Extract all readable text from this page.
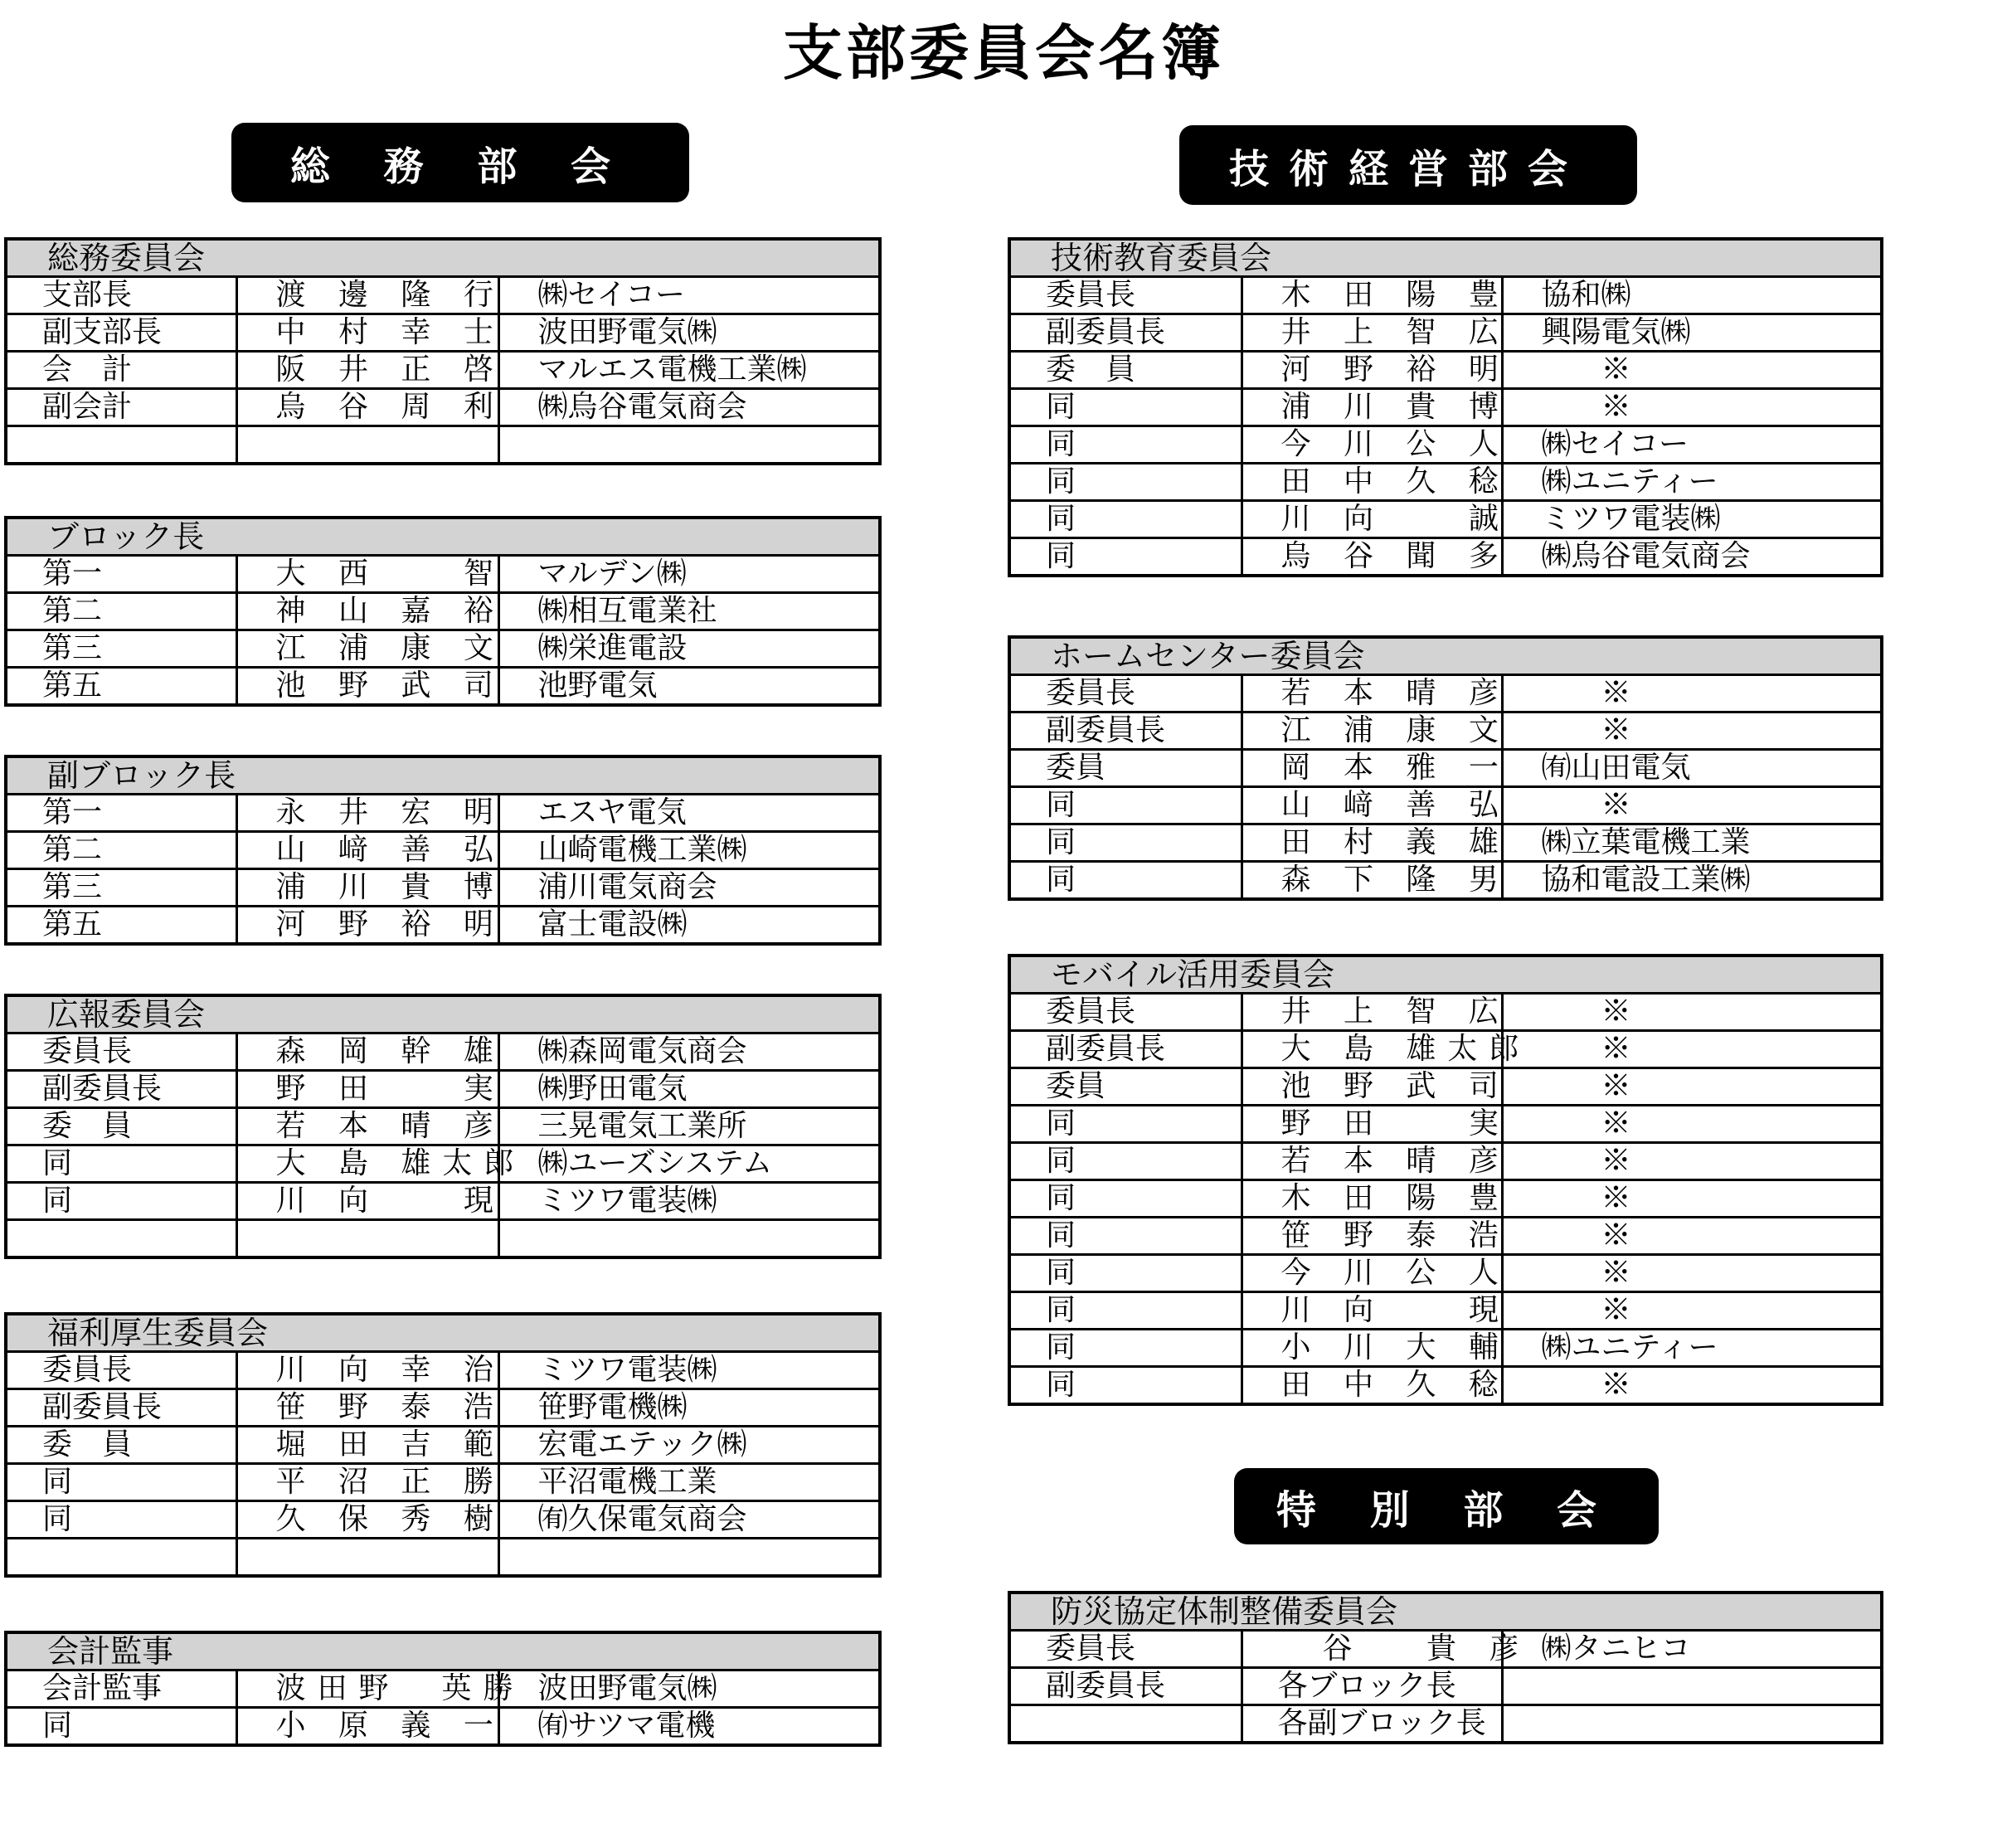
支部委員会名簿
総 務 部 会	技術経営部会
特 別 部 会
総務委員会		
支部長	渡 邊 隆 行	㈱セイコー
副支部長	中 村 幸 士	波田野電気㈱
会　計	阪 井 正 啓	マルエス電機工業㈱
副会計	烏 谷 周 利	㈱烏谷電気商会

ブロック長		
第一	大 西 　 智	マルデン㈱
第二	神 山 嘉 裕	㈱相互電業社
第三	江 浦 康 文	㈱栄進電設
第五	池 野 武 司	池野電気
副ブロック長		
第一	永 井 宏 明	エスヤ電気
第二	山 﨑 善 弘	山崎電機工業㈱
第三	浦 川 貴 博	浦川電気商会
第五	河 野 裕 明	富士電設㈱
広報委員会		
委員長	森 岡 幹 雄	㈱森岡電気商会
副委員長	野 田 　 実	㈱野田電気
委　員	若 本 晴 彦	三晃電気工業所
同	大 島 雄太郎	㈱ユーズシステム
同	川 向 　 現	ミツワ電装㈱

福利厚生委員会		
委員長	川 向 幸 治	ミツワ電装㈱
副委員長	笹 野 泰 浩	笹野電機㈱
委　員	堀 田 吉 範	宏電エテック㈱
同	平 沼 正 勝	平沼電機工業
同	久 保 秀 樹	㈲久保電気商会

会計監事		
会計監事	波田野　英勝	波田野電気㈱
同	小 原 義 一	㈲サツマ電機
技術教育委員会		
委員長	木 田 陽 豊	協和㈱
副委員長	井 上 智 広	興陽電気㈱
委　員	河 野 裕 明	　　※
同	浦 川 貴 博	　　※
同	今 川 公 人	㈱セイコー
同	田 中 久 稔	㈱ユニティー
同	川 向 　 誠	ミツワ電装㈱
同	烏 谷 聞 多	㈱烏谷電気商会
ホームセンター委員会		
委員長	若 本 晴 彦	　　※
副委員長	江 浦 康 文	　　※
委員	岡 本 雅 一	㈲山田電気
同	山 﨑 善 弘	　　※
同	田 村 義 雄	㈱立葉電機工業
同	森 下 隆 男	協和電設工業㈱
モバイル活用委員会		
委員長	井 上 智 広	　　※
副委員長	大 島 雄太郎	　　※
委員	池 野 武 司	　　※
同	野 田 　 実	　　※
同	若 本 晴 彦	　　※
同	木 田 陽 豊	　　※
同	笹 野 泰 浩	　　※
同	今 川 公 人	　　※
同	川 向 　 現	　　※
同	小 川 大 輔	㈱ユニティー
同	田 中 久 稔	　　※
防災協定体制整備委員会		
委員長	　谷　 貴 彦	㈱タニヒコ
副委員長	各ブロック長	
	各副ブロック長	
